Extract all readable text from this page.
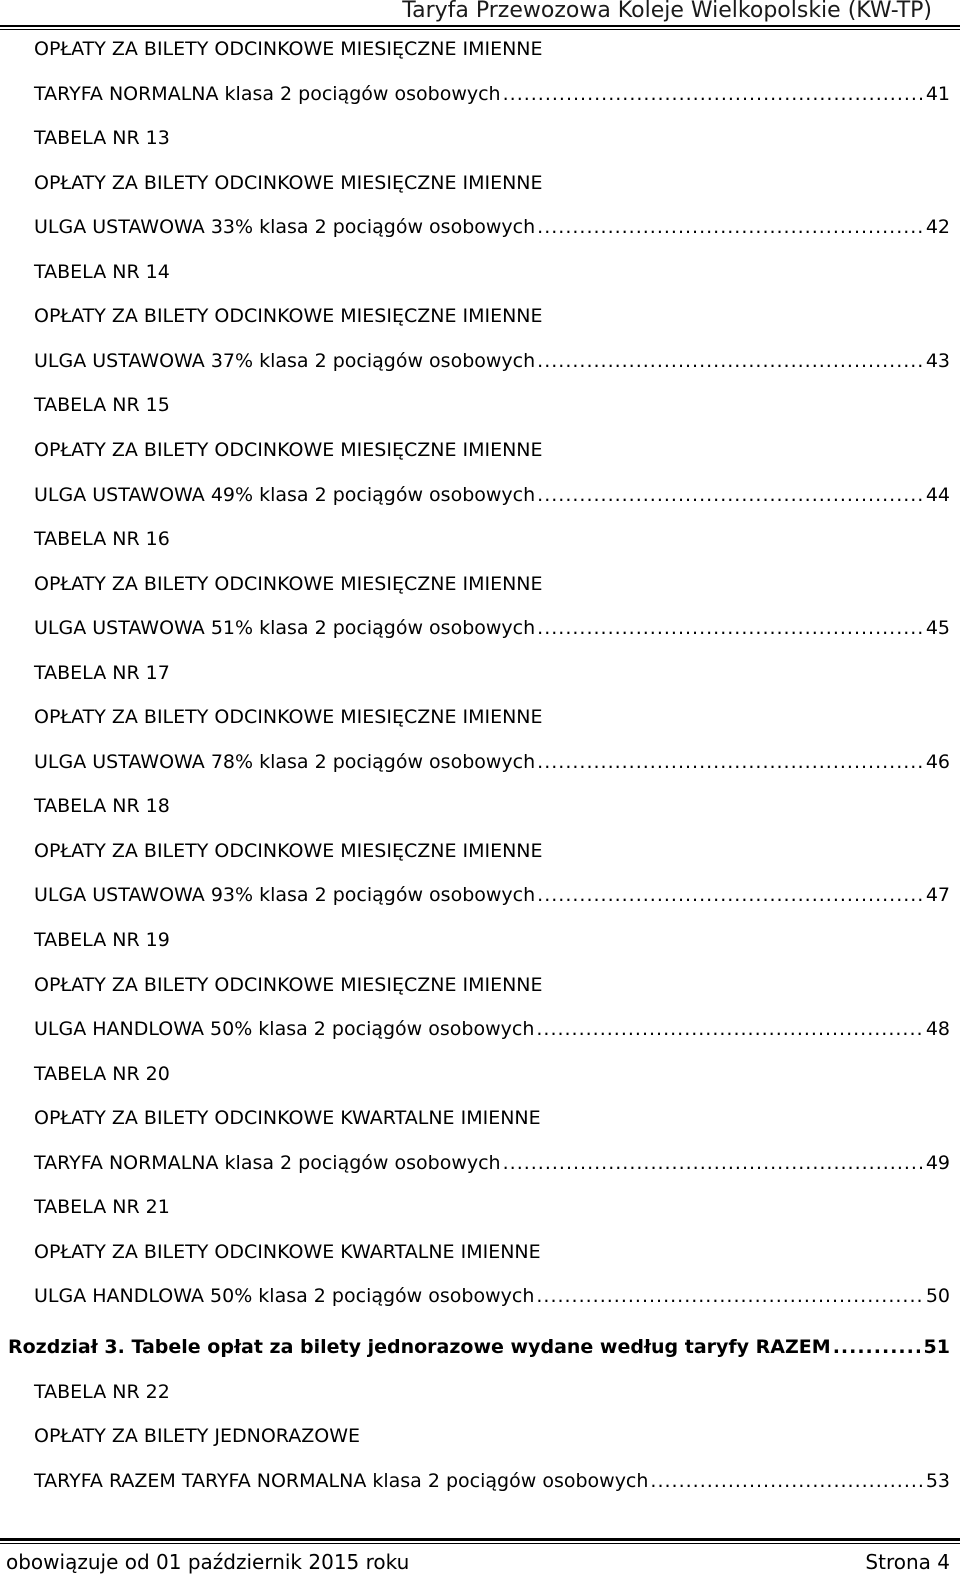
Taryfa Przewozowa Koleje Wielkopolskie (KW-TP)
OPŁATY ZA BILETY ODCINKOWE MIESIĘCZNE IMIENNE
TARYFA NORMALNA klasa 2 pociągów osobowych .....	41
TABELA NR 13
OPŁATY ZA BILETY ODCINKOWE MIESIĘCZNE IMIENNE
ULGA USTAWOWA 33% klasa 2 pociągów osobowych .....	42
TABELA NR 14
OPŁATY ZA BILETY ODCINKOWE MIESIĘCZNE IMIENNE
ULGA USTAWOWA 37% klasa 2 pociągów osobowych .....	43
TABELA NR 15
OPŁATY ZA BILETY ODCINKOWE MIESIĘCZNE IMIENNE
ULGA USTAWOWA 49% klasa 2 pociągów osobowych .....	44
TABELA NR 16
OPŁATY ZA BILETY ODCINKOWE MIESIĘCZNE IMIENNE
ULGA USTAWOWA 51% klasa 2 pociągów osobowych .....	45
TABELA NR 17
OPŁATY ZA BILETY ODCINKOWE MIESIĘCZNE IMIENNE
ULGA USTAWOWA 78% klasa 2 pociągów osobowych .....	46
TABELA NR 18
OPŁATY ZA BILETY ODCINKOWE MIESIĘCZNE IMIENNE
ULGA USTAWOWA 93% klasa 2 pociągów osobowych .....	47
TABELA NR 19
OPŁATY ZA BILETY ODCINKOWE MIESIĘCZNE IMIENNE
ULGA HANDLOWA 50% klasa 2 pociągów osobowych .....	48
TABELA NR 20
OPŁATY ZA BILETY ODCINKOWE KWARTALNE IMIENNE
TARYFA NORMALNA klasa 2 pociągów osobowych .....	49
TABELA NR 21
OPŁATY ZA BILETY ODCINKOWE KWARTALNE IMIENNE
ULGA HANDLOWA 50% klasa 2 pociągów osobowych .....	50
Rozdział 3. Tabele opłat za bilety jednorazowe wydane według taryfy RAZEM .....	51
TABELA NR 22
OPŁATY ZA BILETY JEDNORAZOWE
TARYFA RAZEM TARYFA NORMALNA klasa 2 pociągów osobowych .....	53
obowiązuje od 01 październik 2015 roku	Strona 4
